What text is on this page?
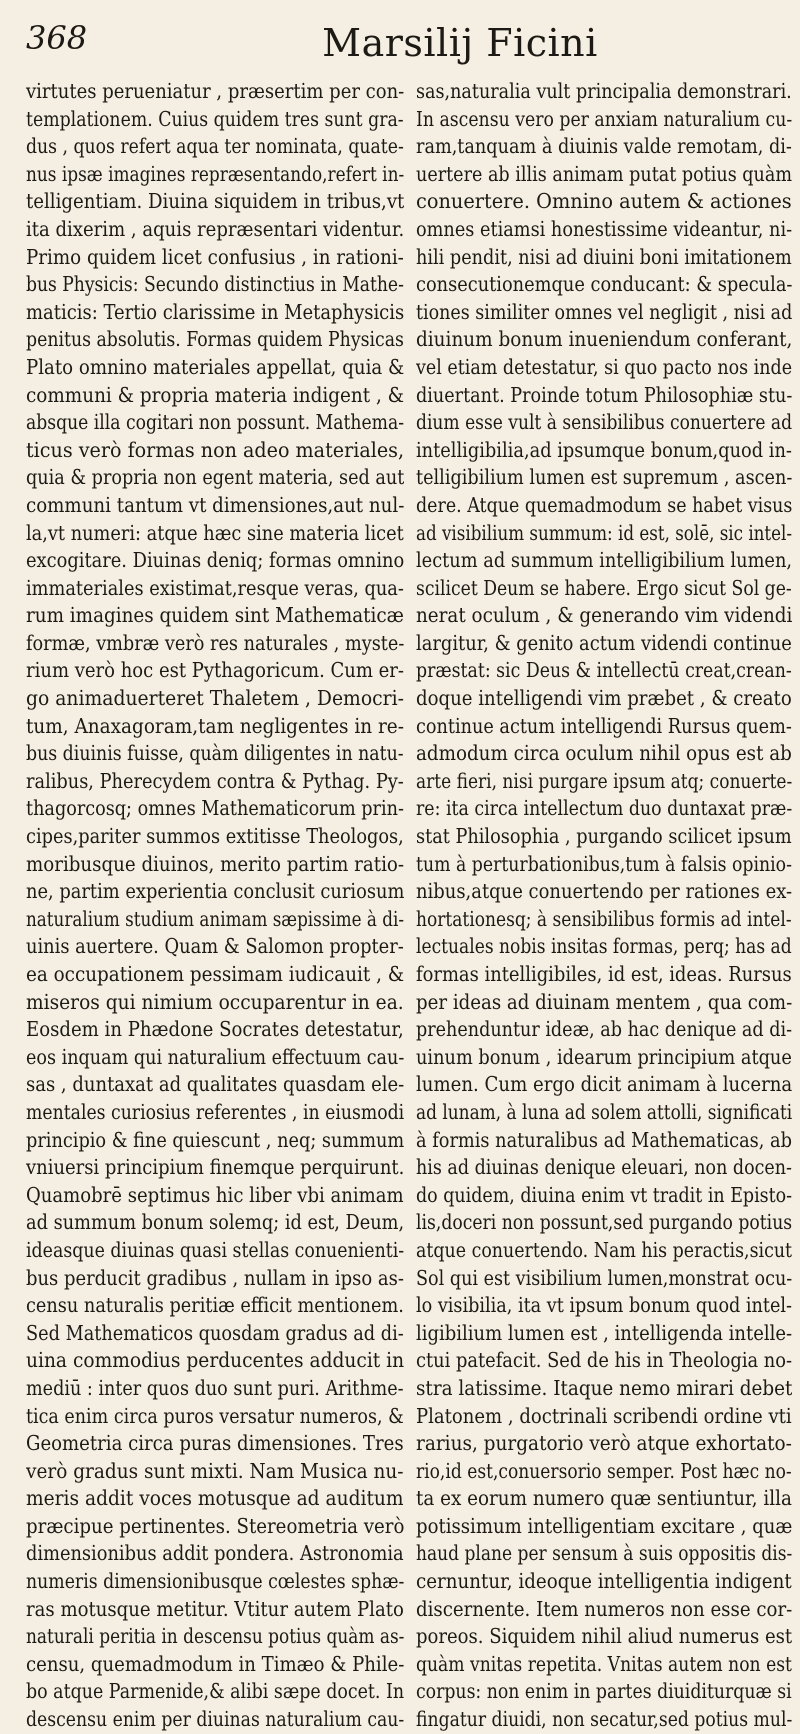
368	Marsilij Ficini
virtutes perueniatur , præsertim per con-
templationem. Cuius quidem tres sunt gra-
dus , quos refert aqua ter nominata, quate-
nus ipsæ imagines repræsentando,refert in-
telligentiam. Diuina siquidem in tribus,vt
ita dixerim , aquis repræsentari videntur.
Primo quidem licet confusius , in rationi-
bus Physicis: Secundo distinctius in Mathe-
maticis: Tertio clarissime in Metaphysicis
penitus absolutis. Formas quidem Physicas
Plato omnino materiales appellat, quia &
communi & propria materia indigent , &
absque illa cogitari non possunt. Mathema-
ticus verò formas non adeo materiales,
quia & propria non egent materia, sed aut
communi tantum vt dimensiones,aut nul-
la,vt numeri: atque hæc sine materia licet
excogitare. Diuinas deniq; formas omnino
immateriales existimat,resque veras, qua-
rum imagines quidem sint Mathematicæ
formæ, vmbræ verò res naturales , myste-
rium verò hoc est Pythagoricum. Cum er-
go animaduerteret Thaletem , Democri-
tum, Anaxagoram,tam negligentes in re-
bus diuinis fuisse, quàm diligentes in natu-
ralibus, Pherecydem contra & Pythag. Py-
thagorcosq; omnes Mathematicorum prin-
cipes,pariter summos extitisse Theologos,
moribusque diuinos, merito partim ratio-
ne, partim experientia conclusit curiosum
naturalium studium animam sæpissime à di-
uinis auertere. Quam & Salomon propter-
ea occupationem pessimam iudicauit , &
miseros qui nimium occuparentur in ea.
Eosdem in Phædone Socrates detestatur,
eos inquam qui naturalium effectuum cau-
sas , duntaxat ad qualitates quasdam ele-
mentales curiosius referentes , in eiusmodi
principio & fine quiescunt , neq; summum
vniuersi principium finemque perquirunt.
Quamobrē septimus hic liber vbi animam
ad summum bonum solemq; id est, Deum,
ideasque diuinas quasi stellas conuenienti-
bus perducit gradibus , nullam in ipso as-
censu naturalis peritiæ efficit mentionem.
Sed Mathematicos quosdam gradus ad di-
uina commodius perducentes adducit in
mediū : inter quos duo sunt puri. Arithme-
tica enim circa puros versatur numeros, &
Geometria circa puras dimensiones. Tres
verò gradus sunt mixti. Nam Musica nu-
meris addit voces motusque ad auditum
præcipue pertinentes. Stereometria verò
dimensionibus addit pondera. Astronomia
numeris dimensionibusque cœlestes sphæ-
ras motusque metitur. Vtitur autem Plato
naturali peritia in descensu potius quàm as-
censu, quemadmodum in Timæo & Phile-
bo atque Parmenide,& alibi sæpe docet. In
descensu enim per diuinas naturalium cau-
sas,naturalia vult principalia demonstrari.
In ascensu vero per anxiam naturalium cu-
ram,tanquam à diuinis valde remotam, di-
uertere ab illis animam putat potius quàm
conuertere. Omnino autem & actiones
omnes etiamsi honestissime videantur, ni-
hili pendit, nisi ad diuini boni imitationem
consecutionemque conducant: & specula-
tiones similiter omnes vel negligit , nisi ad
diuinum bonum inueniendum conferant,
vel etiam detestatur, si quo pacto nos inde
diuertant. Proinde totum Philosophiæ stu-
dium esse vult à sensibilibus conuertere ad
intelligibilia,ad ipsumque bonum,quod in-
telligibilium lumen est supremum , ascen-
dere. Atque quemadmodum se habet visus
ad visibilium summum: id est, solē, sic intel-
lectum ad summum intelligibilium lumen,
scilicet Deum se habere. Ergo sicut Sol ge-
nerat oculum , & generando vim videndi
largitur, & genito actum videndi continue
præstat: sic Deus & intellectū creat,crean-
doque intelligendi vim præbet , & creato
continue actum intelligendi Rursus quem-
admodum circa oculum nihil opus est ab
arte fieri, nisi purgare ipsum atq; conuerte-
re: ita circa intellectum duo duntaxat præ-
stat Philosophia , purgando scilicet ipsum
tum à perturbationibus,tum à falsis opinio-
nibus,atque conuertendo per rationes ex-
hortationesq; à sensibilibus formis ad intel-
lectuales nobis insitas formas, perq; has ad
formas intelligibiles, id est, ideas. Rursus
per ideas ad diuinam mentem , qua com-
prehenduntur ideæ, ab hac denique ad di-
uinum bonum , idearum principium atque
lumen. Cum ergo dicit animam à lucerna
ad lunam, à luna ad solem attolli, significati
à formis naturalibus ad Mathematicas, ab
his ad diuinas denique eleuari, non docen-
do quidem, diuina enim vt tradit in Episto-
lis,doceri non possunt,sed purgando potius
atque conuertendo. Nam his peractis,sicut
Sol qui est visibilium lumen,monstrat ocu-
lo visibilia, ita vt ipsum bonum quod intel-
ligibilium lumen est , intelligenda intelle-
ctui patefacit. Sed de his in Theologia no-
stra latissime. Itaque nemo mirari debet
Platonem , doctrinali scribendi ordine vti
rarius, purgatorio verò atque exhortato-
rio,id est,conuersorio semper. Post hæc no-
ta ex eorum numero quæ sentiuntur, illa
potissimum intelligentiam excitare , quæ
haud plane per sensum à suis oppositis dis-
cernuntur, ideoque intelligentia indigent
discernente. Item numeros non esse cor-
poreos. Siquidem nihil aliud numerus est
quàm vnitas repetita. Vnitas autem non est
corpus: non enim in partes diuiditurquæ si
fingatur diuidi, non secatur,sed potius mul-
